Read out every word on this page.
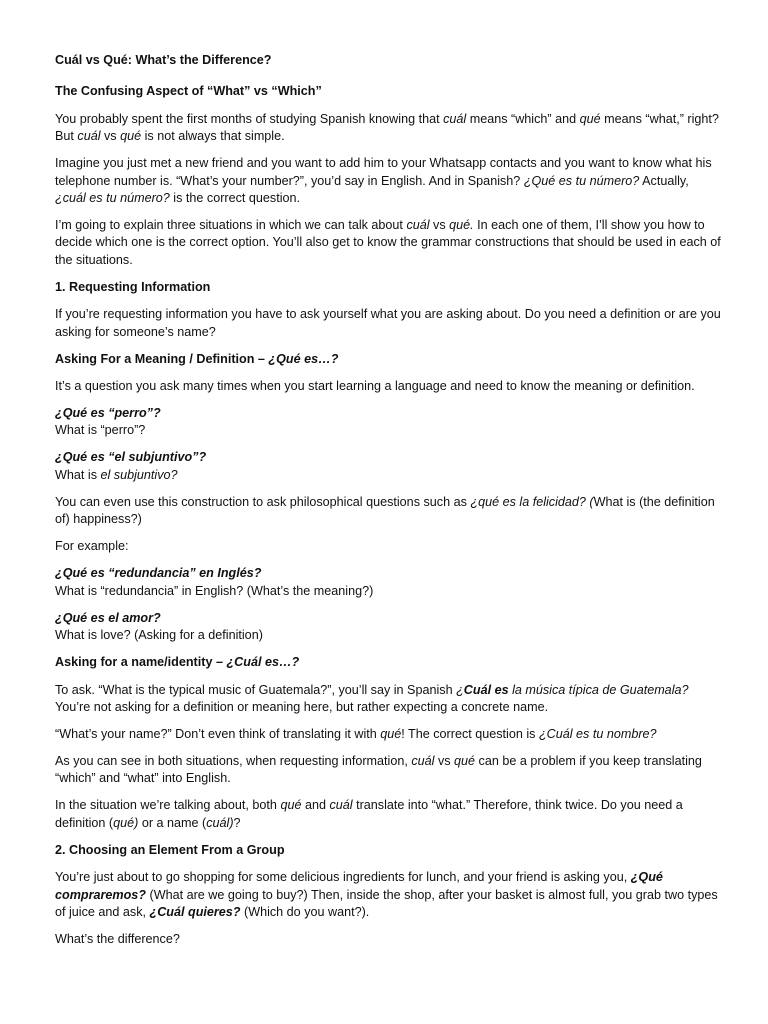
Cuál vs Qué: What’s the Difference?

The Confusing Aspect of “What” vs “Which”

You probably spent the first months of studying Spanish knowing that cuál means “which” and qué means “what,” right? But cuál vs qué is not always that simple.

Imagine you just met a new friend and you want to add him to your Whatsapp contacts and you want to know what his telephone number is. “What’s your number?”, you’d say in English. And in Spanish? ¿Qué es tu número? Actually, ¿cuál es tu número? is the correct question.

I’m going to explain three situations in which we can talk about cuál vs qué. In each one of them, I’ll show you how to decide which one is the correct option. You’ll also get to know the grammar constructions that should be used in each of the situations.

1. Requesting Information

If you’re requesting information you have to ask yourself what you are asking about. Do you need a definition or are you asking for someone’s name?

Asking For a Meaning / Definition – ¿Qué es…?

It’s a question you ask many times when you start learning a language and need to know the meaning or definition.

¿Qué es “perro”?
What is “perro”?

¿Qué es “el subjuntivo”?
What is el subjuntivo?

You can even use this construction to ask philosophical questions such as ¿qué es la felicidad? (What is (the definition of) happiness?)

For example:

¿Qué es “redundancia” en Inglés?
What is “redundancia” in English? (What’s the meaning?)

¿Qué es el amor?
What is love? (Asking for a definition)

Asking for a name/identity – ¿Cuál es…?

To ask. “What is the typical music of Guatemala?”, you’ll say in Spanish ¿Cuál es la música típica de Guatemala? You’re not asking for a definition or meaning here, but rather expecting a concrete name.

“What’s your name?” Don’t even think of translating it with qué! The correct question is ¿Cuál es tu nombre?

As you can see in both situations, when requesting information, cuál vs qué can be a problem if you keep translating “which” and “what” into English.

In the situation we’re talking about, both qué and cuál translate into “what.” Therefore, think twice. Do you need a definition (qué) or a name (cuál)?

2. Choosing an Element From a Group

You’re just about to go shopping for some delicious ingredients for lunch, and your friend is asking you, ¿Qué compraremos? (What are we going to buy?) Then, inside the shop, after your basket is almost full, you grab two types of juice and ask, ¿Cuál quieres? (Which do you want?).

What’s the difference?
